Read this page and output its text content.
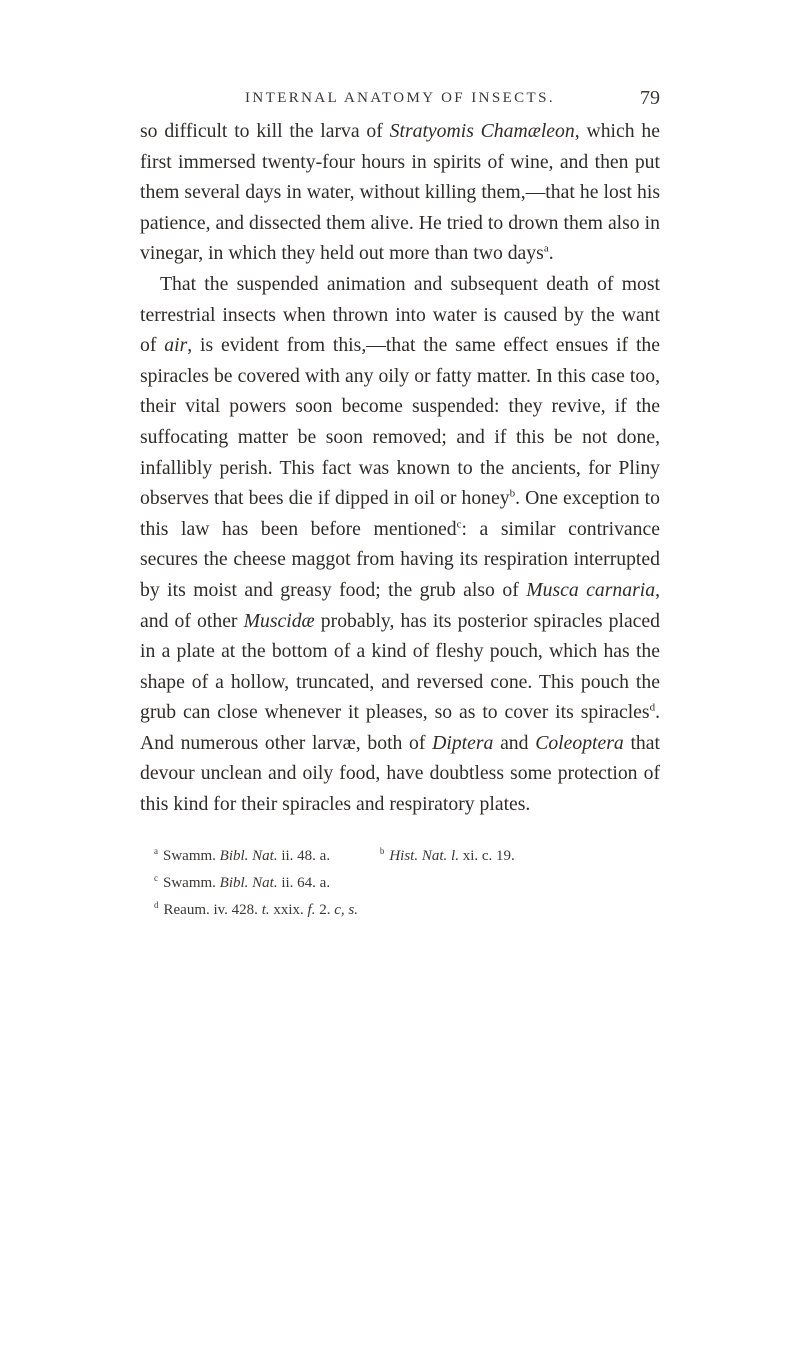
INTERNAL ANATOMY OF INSECTS.	79

so difficult to kill the larva of Stratyomis Chamæleon, which he first immersed twenty-four hours in spirits of wine, and then put them several days in water, without killing them,—that he lost his patience, and dissected them alive. He tried to drown them also in vinegar, in which they held out more than two days$^a$.

That the suspended animation and subsequent death of most terrestrial insects when thrown into water is caused by the want of air, is evident from this,—that the same effect ensues if the spiracles be covered with any oily or fatty matter. In this case too, their vital powers soon become suspended: they revive, if the suffocating matter be soon removed; and if this be not done, infallibly perish. This fact was known to the ancients, for Pliny observes that bees die if dipped in oil or honey$^b$. One exception to this law has been before mentioned$^c$: a similar contrivance secures the cheese maggot from having its respiration interrupted by its moist and greasy food; the grub also of Musca carnaria, and of other Muscidæ probably, has its posterior spiracles placed in a plate at the bottom of a kind of fleshy pouch, which has the shape of a hollow, truncated, and reversed cone. This pouch the grub can close whenever it pleases, so as to cover its spiracles$^d$. And numerous other larvæ, both of Diptera and Coleoptera that devour unclean and oily food, have doubtless some protection of this kind for their spiracles and respiratory plates.

$^a$ Swamm. Bibl. Nat. ii. 48. a.	$^b$ Hist. Nat. l. xi. c. 19.
$^c$ Swamm. Bibl. Nat. ii. 64. a.
$^d$ Reaum. iv. 428. t. xxix. f. 2. c, s.
